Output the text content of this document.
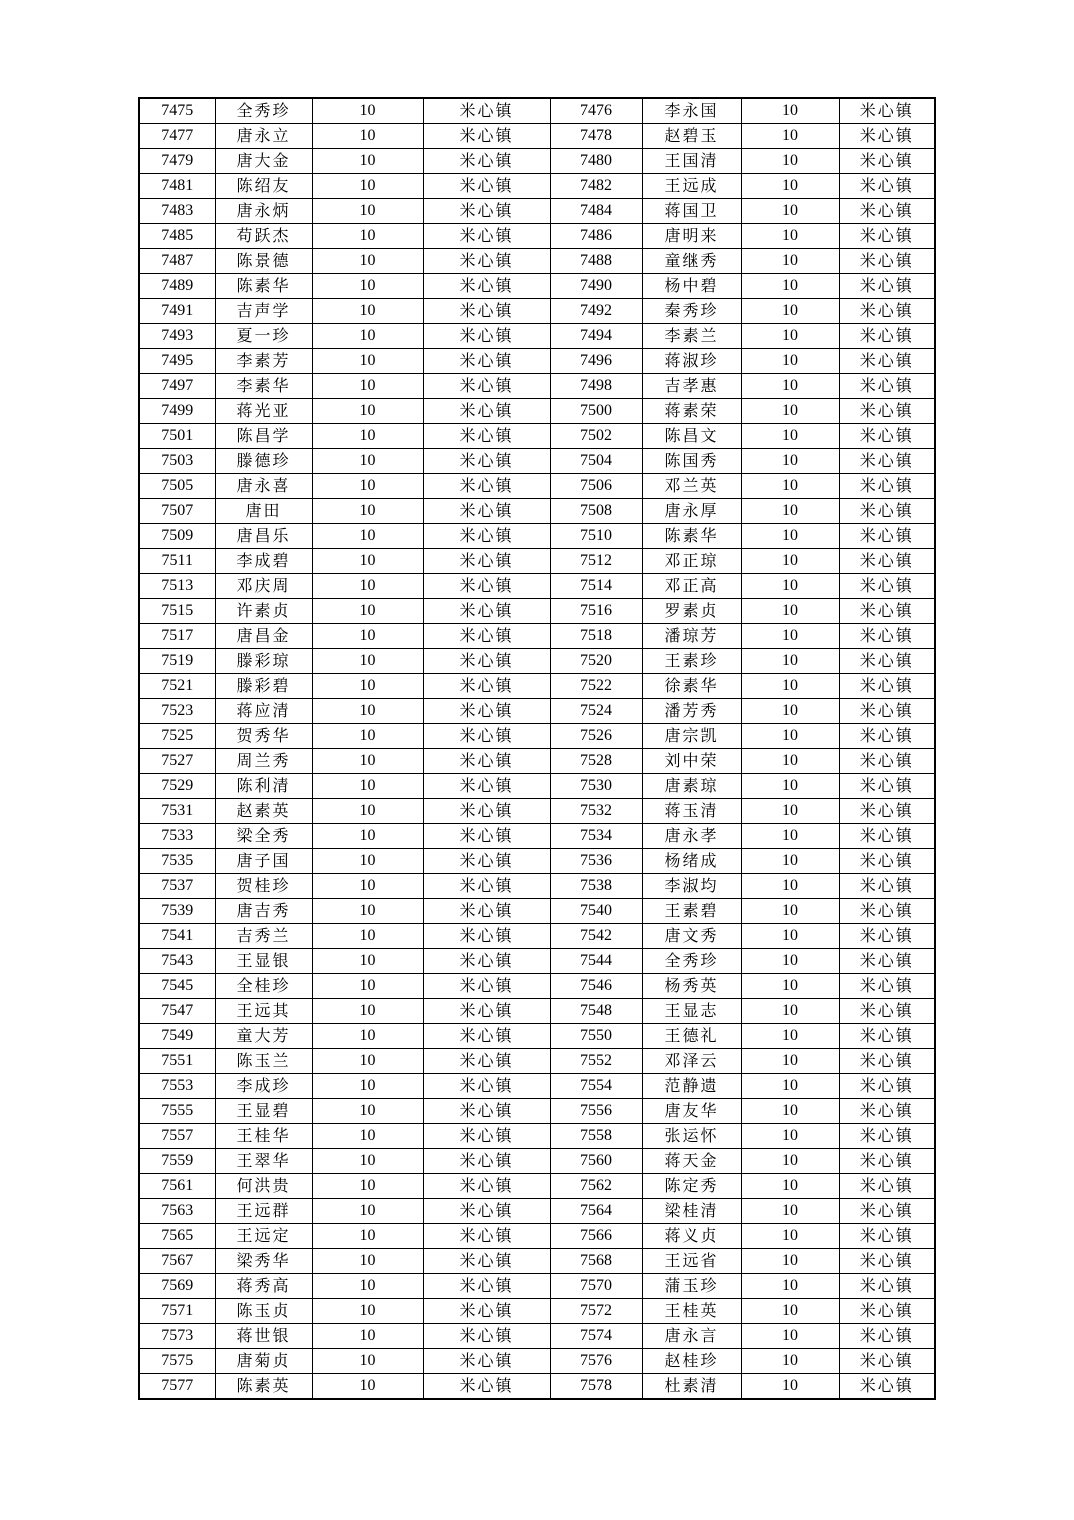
7475	全秀珍	10	米心镇	7476	李永国	10	米心镇
7477	唐永立	10	米心镇	7478	赵碧玉	10	米心镇
7479	唐大金	10	米心镇	7480	王国清	10	米心镇
7481	陈绍友	10	米心镇	7482	王远成	10	米心镇
7483	唐永炳	10	米心镇	7484	蒋国卫	10	米心镇
7485	苟跃杰	10	米心镇	7486	唐明来	10	米心镇
7487	陈景德	10	米心镇	7488	童继秀	10	米心镇
7489	陈素华	10	米心镇	7490	杨中碧	10	米心镇
7491	吉声学	10	米心镇	7492	秦秀珍	10	米心镇
7493	夏一珍	10	米心镇	7494	李素兰	10	米心镇
7495	李素芳	10	米心镇	7496	蒋淑珍	10	米心镇
7497	李素华	10	米心镇	7498	吉孝惠	10	米心镇
7499	蒋光亚	10	米心镇	7500	蒋素荣	10	米心镇
7501	陈昌学	10	米心镇	7502	陈昌文	10	米心镇
7503	滕德珍	10	米心镇	7504	陈国秀	10	米心镇
7505	唐永喜	10	米心镇	7506	邓兰英	10	米心镇
7507	唐田	10	米心镇	7508	唐永厚	10	米心镇
7509	唐昌乐	10	米心镇	7510	陈素华	10	米心镇
7511	李成碧	10	米心镇	7512	邓正琼	10	米心镇
7513	邓庆周	10	米心镇	7514	邓正高	10	米心镇
7515	许素贞	10	米心镇	7516	罗素贞	10	米心镇
7517	唐昌金	10	米心镇	7518	潘琼芳	10	米心镇
7519	滕彩琼	10	米心镇	7520	王素珍	10	米心镇
7521	滕彩碧	10	米心镇	7522	徐素华	10	米心镇
7523	蒋应清	10	米心镇	7524	潘芳秀	10	米心镇
7525	贺秀华	10	米心镇	7526	唐宗凯	10	米心镇
7527	周兰秀	10	米心镇	7528	刘中荣	10	米心镇
7529	陈利清	10	米心镇	7530	唐素琼	10	米心镇
7531	赵素英	10	米心镇	7532	蒋玉清	10	米心镇
7533	梁全秀	10	米心镇	7534	唐永孝	10	米心镇
7535	唐子国	10	米心镇	7536	杨绪成	10	米心镇
7537	贺桂珍	10	米心镇	7538	李淑均	10	米心镇
7539	唐吉秀	10	米心镇	7540	王素碧	10	米心镇
7541	吉秀兰	10	米心镇	7542	唐文秀	10	米心镇
7543	王显银	10	米心镇	7544	全秀珍	10	米心镇
7545	全桂珍	10	米心镇	7546	杨秀英	10	米心镇
7547	王远其	10	米心镇	7548	王显志	10	米心镇
7549	童大芳	10	米心镇	7550	王德礼	10	米心镇
7551	陈玉兰	10	米心镇	7552	邓泽云	10	米心镇
7553	李成珍	10	米心镇	7554	范静遗	10	米心镇
7555	王显碧	10	米心镇	7556	唐友华	10	米心镇
7557	王桂华	10	米心镇	7558	张运怀	10	米心镇
7559	王翠华	10	米心镇	7560	蒋天金	10	米心镇
7561	何洪贵	10	米心镇	7562	陈定秀	10	米心镇
7563	王远群	10	米心镇	7564	梁桂清	10	米心镇
7565	王远定	10	米心镇	7566	蒋义贞	10	米心镇
7567	梁秀华	10	米心镇	7568	王远省	10	米心镇
7569	蒋秀高	10	米心镇	7570	蒲玉珍	10	米心镇
7571	陈玉贞	10	米心镇	7572	王桂英	10	米心镇
7573	蒋世银	10	米心镇	7574	唐永言	10	米心镇
7575	唐菊贞	10	米心镇	7576	赵桂珍	10	米心镇
7577	陈素英	10	米心镇	7578	杜素清	10	米心镇
